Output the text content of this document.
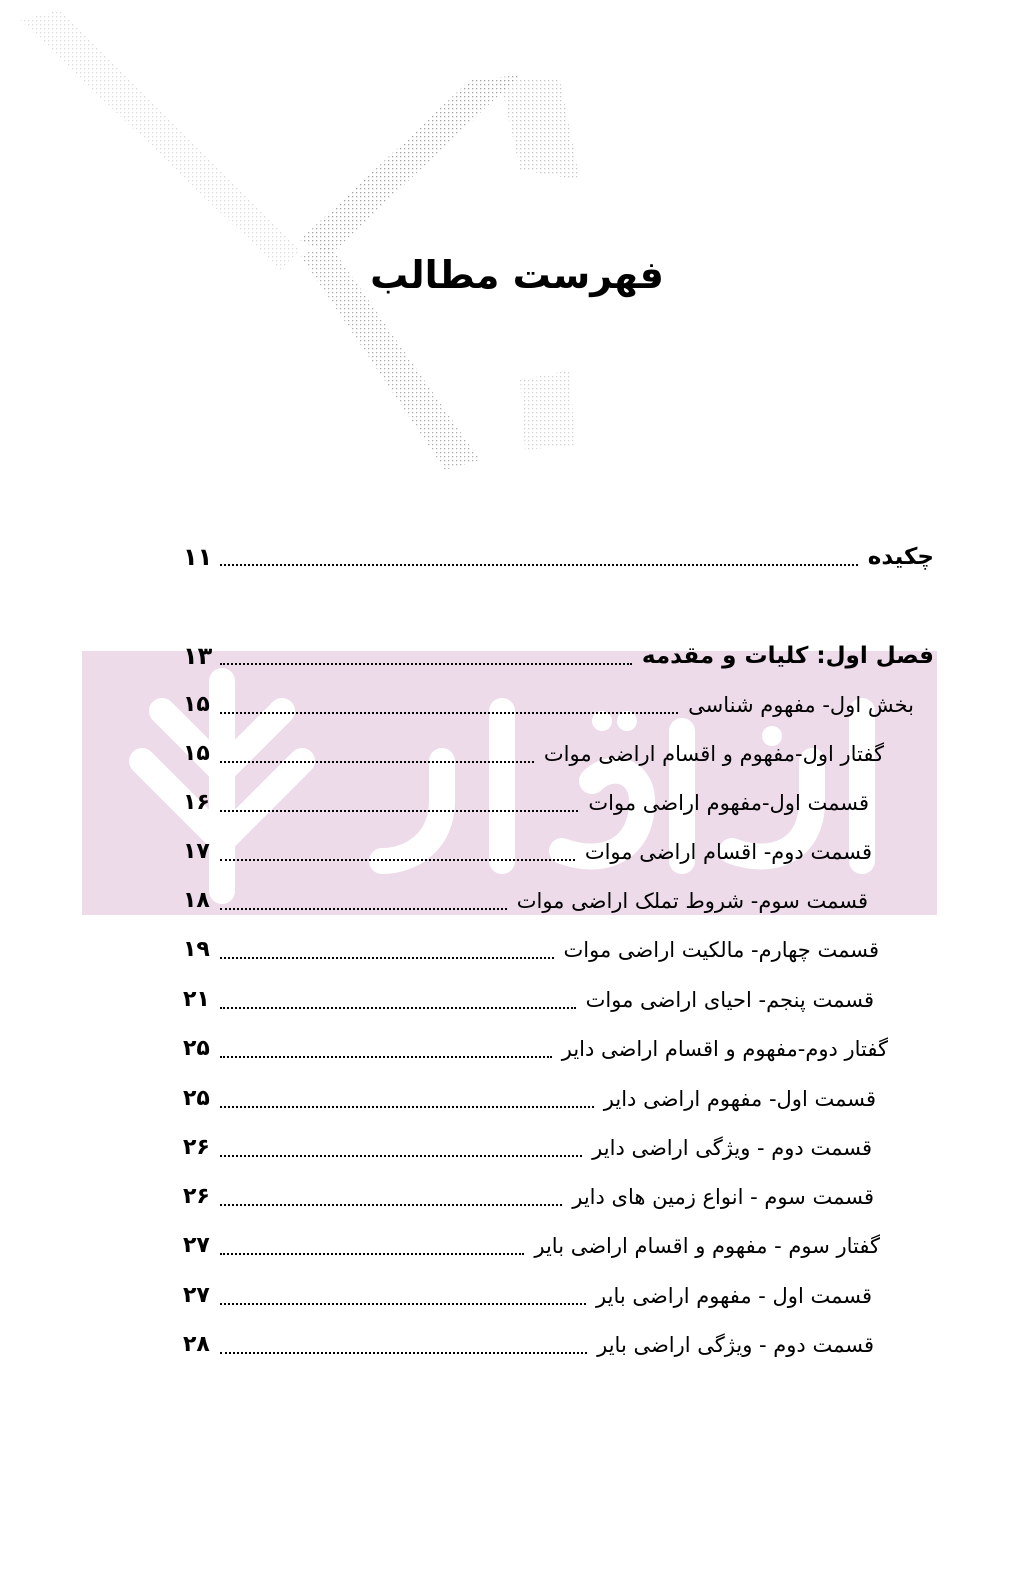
فهرست مطالب
۱۱	چکیده
۱۳	فصل اول: کلیات و مقدمه
۱۵	بخش اول- مفهوم شناسی
۱۵	گفتار اول-مفهوم و اقسام اراضی موات
۱۶	قسمت اول-مفهوم اراضی موات
۱۷	قسمت دوم- اقسام اراضی موات
۱۸	قسمت سوم- شروط تملک اراضی موات
۱۹	قسمت چهارم- مالکیت اراضی موات
۲۱	قسمت پنجم- احیای اراضی موات
۲۵	گفتار دوم-مفهوم و اقسام اراضی دایر
۲۵	قسمت اول- مفهوم اراضی دایر
۲۶	قسمت دوم - ویژگی اراضی دایر
۲۶	قسمت سوم - انواع زمین های دایر
۲۷	گفتار سوم - مفهوم و اقسام اراضی بایر
۲۷	قسمت اول - مفهوم اراضی بایر
۲۸	قسمت دوم - ویژگی اراضی بایر
